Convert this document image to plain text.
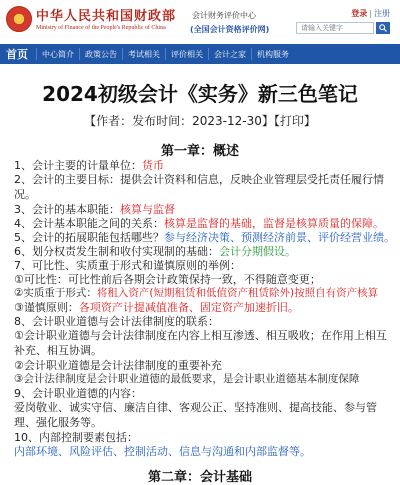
中华人民共和国财政部
Ministry of Finance of the People's Republic of China
会计财务评价中心
(全国会计资格评价网)
登录 | 注册
请输入关键字
首页	中心简介	政策公告	考试相关	评价相关	会计之家	机构服务
2024初级会计《实务》新三色笔记
【作者：发布时间：2023-12-30】【打印】
第一章：概述
1、会计主要的计量单位：货币
2、会计的主要目标：提供会计资料和信息，反映企业管理层受托责任履行情况。
3、会计的基本职能：核算与监督
4、会计基本职能之间的关系：核算是监督的基础，监督是核算质量的保障。
5、会计的拓展职能包括哪些？参与经济决策、预测经济前景、评价经营业绩。
6、划分权责发生制和收付实现制的基础：会计分期假设。
7、可比性、实质重于形式和谨慎原则的举例：
①可比性：可比性前后各期会计政策保持一致，不得随意变更；
②实质重于形式：将租入资产(短期租赁和低值资产租赁除外)按照自有资产核算
③谨慎原则：各项资产计提减值准备、固定资产加速折旧。
8、会计职业道德与会计法律制度的联系：
①会计职业道德与会计法律制度在内容上相互渗透、相互吸收；在作用上相互补充、相互协调。
②会计职业道德是会计法律制度的重要补充
③会计法律制度是会计职业道德的最低要求，是会计职业道德基本制度保障
9、会计职业道德的内容：
爱岗敬业、诚实守信、廉洁自律、客观公正、坚持准则、提高技能、参与管理、强化服务等。
10、内部控制要素包括：
内部环境、风险评估、控制活动、信息与沟通和内部监督等。
第二章：会计基础
